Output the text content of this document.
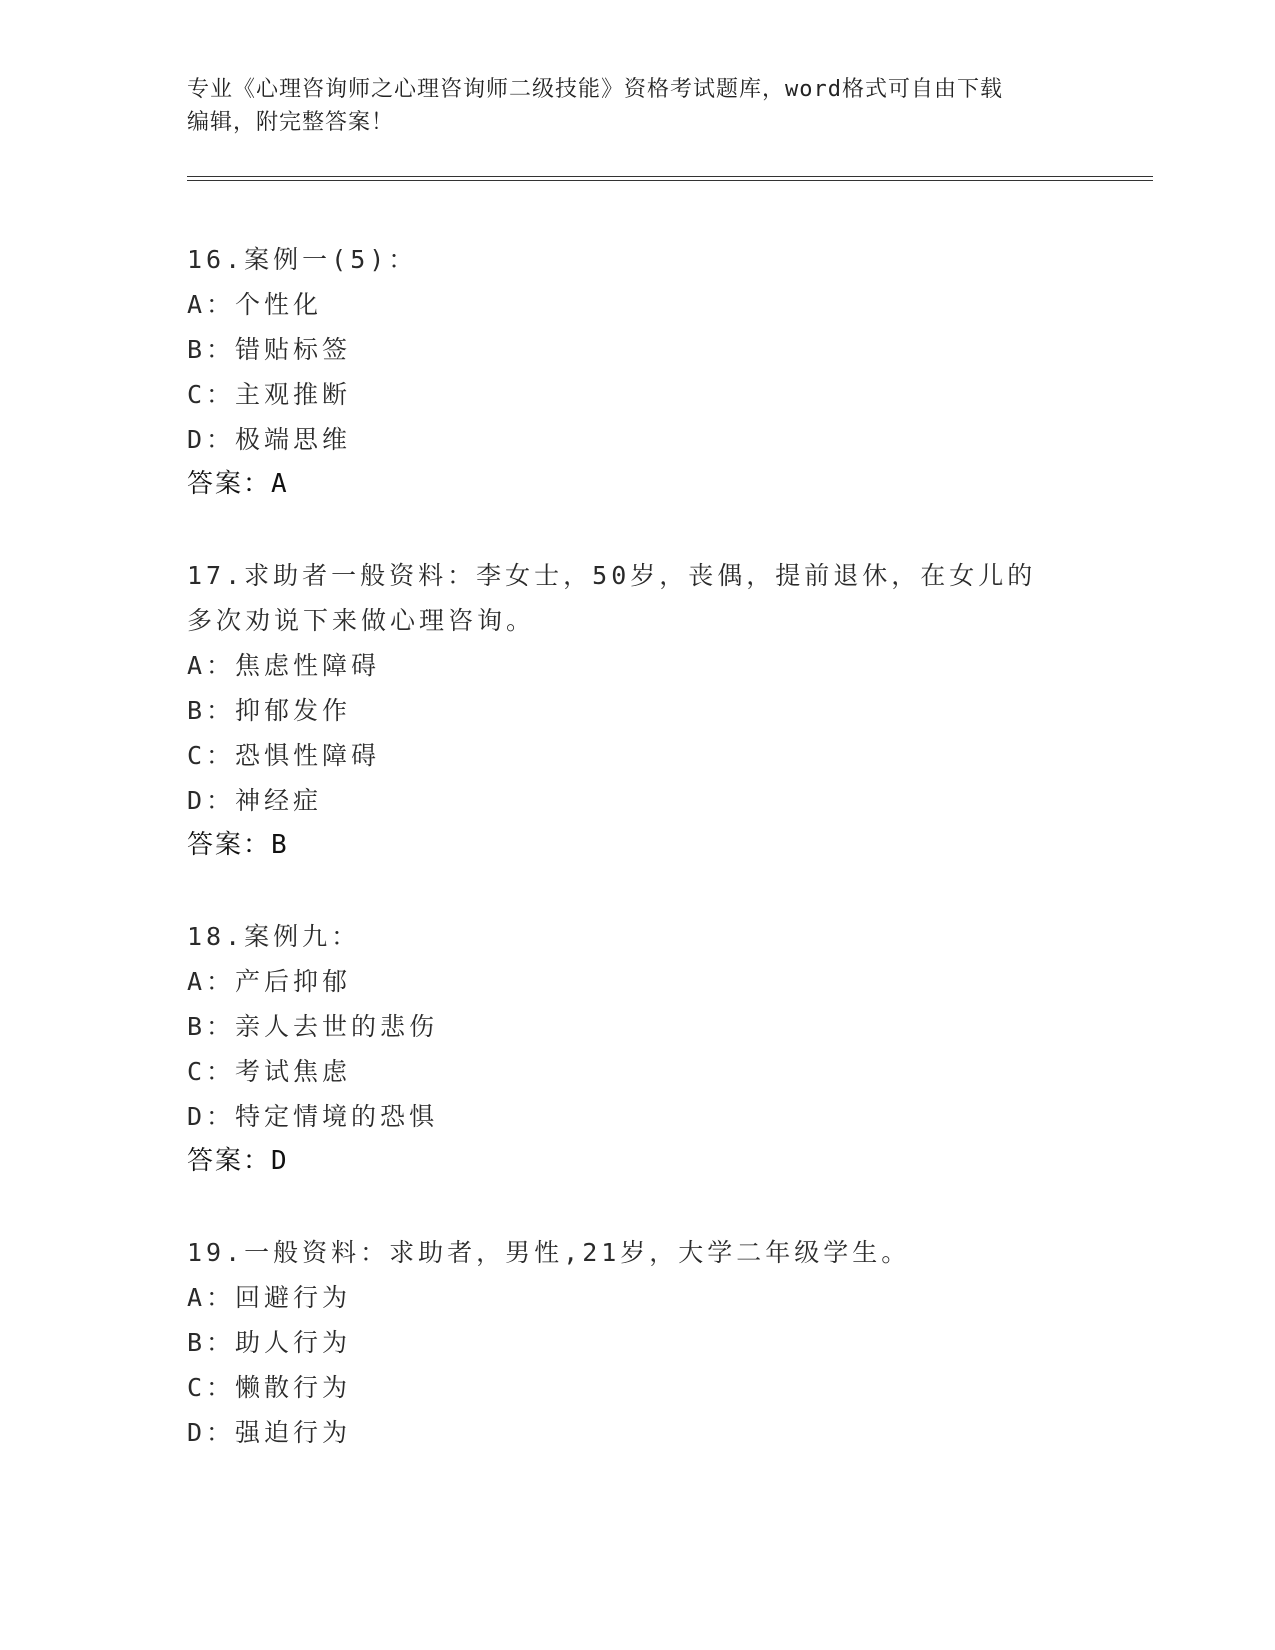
专业《心理咨询师之心理咨询师二级技能》资格考试题库，word格式可自由下载
编辑，附完整答案！
16.案例一(5)：
A：个性化
B：错贴标签
C：主观推断
D：极端思维
答案：A
17.求助者一般资料：李女士，50岁，丧偶，提前退休，在女儿的多次劝说下来做心理咨询。
A：焦虑性障碍
B：抑郁发作
C：恐惧性障碍
D：神经症
答案：B
18.案例九：
A：产后抑郁
B：亲人去世的悲伤
C：考试焦虑
D：特定情境的恐惧
答案：D
19.一般资料：求助者，男性,21岁，大学二年级学生。
A：回避行为
B：助人行为
C：懒散行为
D：强迫行为
